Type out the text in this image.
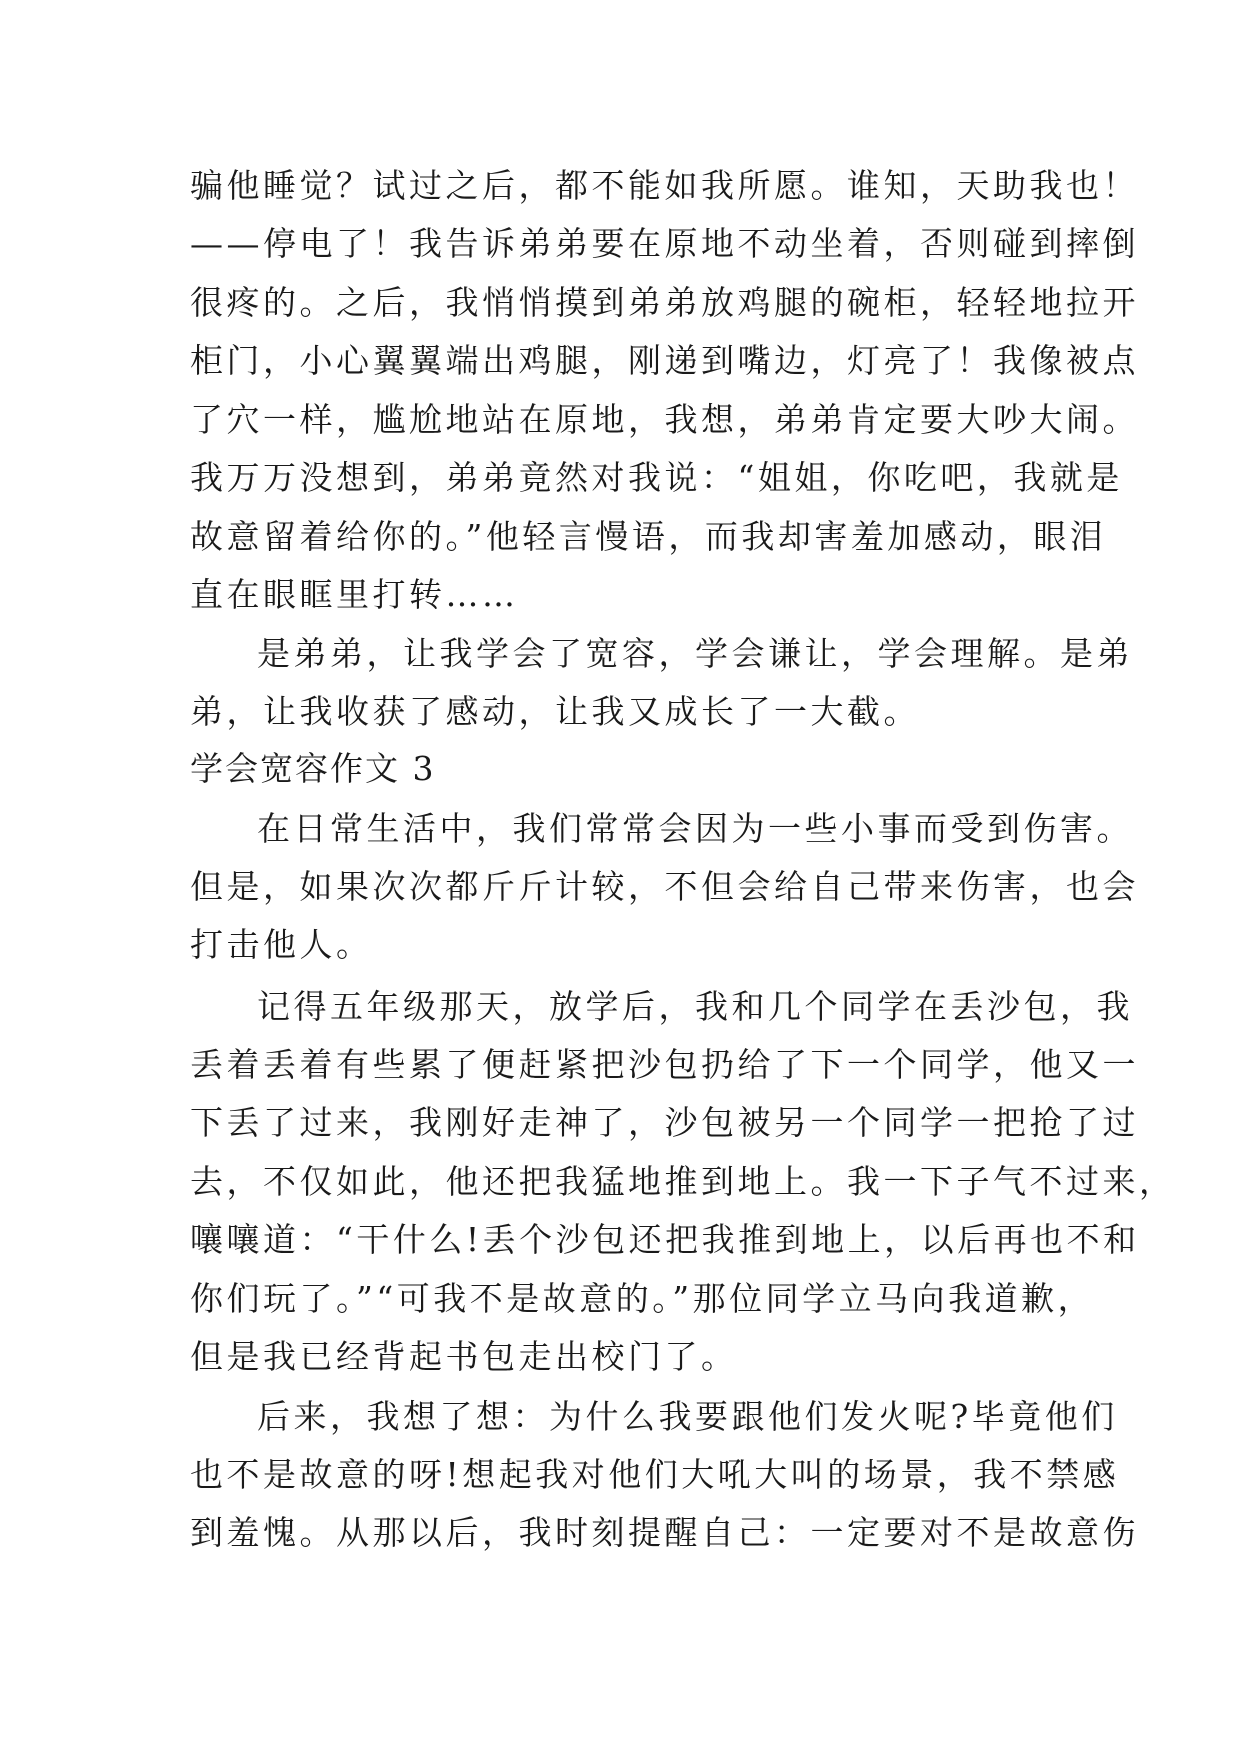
骗他睡觉？试过之后，都不能如我所愿。谁知，天助我也！
——停电了！我告诉弟弟要在原地不动坐着，否则碰到摔倒
很疼的。之后，我悄悄摸到弟弟放鸡腿的碗柜，轻轻地拉开
柜门，小心翼翼端出鸡腿，刚递到嘴边，灯亮了！我像被点
了穴一样，尴尬地站在原地，我想，弟弟肯定要大吵大闹。
我万万没想到，弟弟竟然对我说：“姐姐，你吃吧，我就是
故意留着给你的。”他轻言慢语，而我却害羞加感动，眼泪
直在眼眶里打转……
是弟弟，让我学会了宽容，学会谦让，学会理解。是弟
弟，让我收获了感动，让我又成长了一大截。
学会宽容作文 3
在日常生活中，我们常常会因为一些小事而受到伤害。
但是，如果次次都斤斤计较，不但会给自己带来伤害，也会
打击他人。
记得五年级那天，放学后，我和几个同学在丢沙包，我
丢着丢着有些累了便赶紧把沙包扔给了下一个同学，他又一
下丢了过来，我刚好走神了，沙包被另一个同学一把抢了过
去，不仅如此，他还把我猛地推到地上。我一下子气不过来，
嚷嚷道：“干什么!丢个沙包还把我推到地上，以后再也不和
你们玩了。”“可我不是故意的。”那位同学立马向我道歉，
但是我已经背起书包走出校门了。
后来，我想了想：为什么我要跟他们发火呢?毕竟他们
也不是故意的呀!想起我对他们大吼大叫的场景，我不禁感
到羞愧。从那以后，我时刻提醒自己：一定要对不是故意伤
